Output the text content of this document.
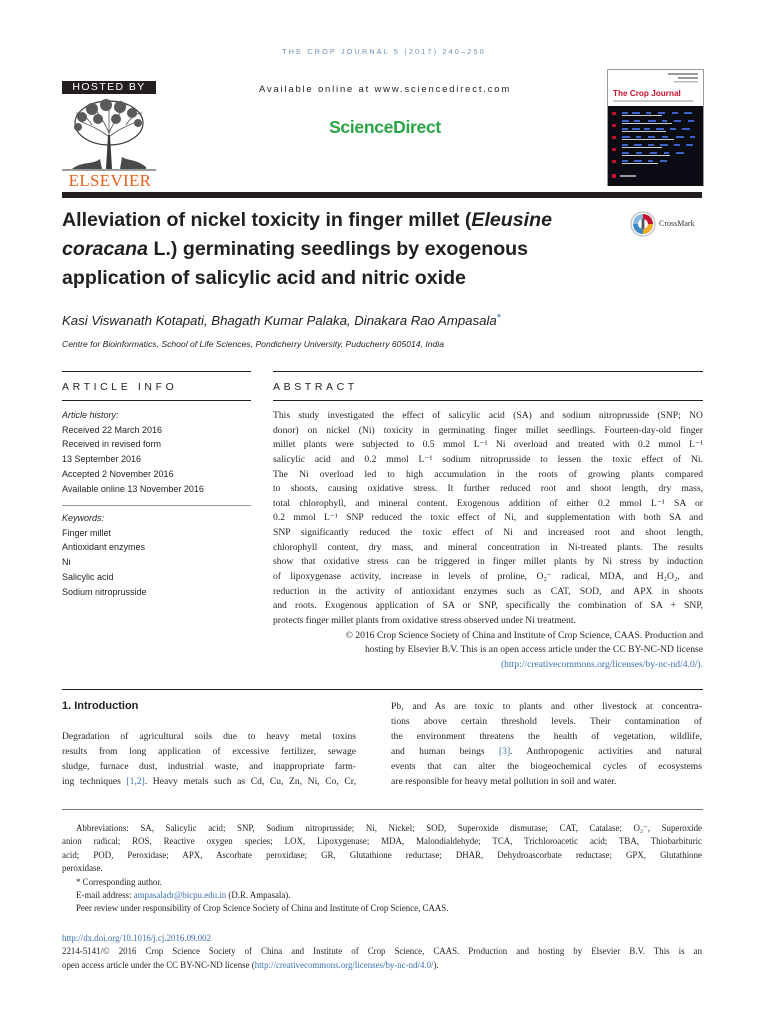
THE CROP JOURNAL 5 (2017) 240–250
HOSTED BY
ELSEVIER
Available online at www.sciencedirect.com
ScienceDirect
The Crop Journal
Alleviation of nickel toxicity in finger millet (Eleusine
coracana L.) germinating seedlings by exogenous
application of salicylic acid and nitric oxide
CrossMark
Kasi Viswanath Kotapati, Bhagath Kumar Palaka, Dinakara Rao Ampasala*
Centre for Bioinformatics, School of Life Sciences, Pondicherry University, Puducherry 605014, India
ARTICLE INFO	ABSTRACT
Article history:
Received 22 March 2016
Received in revised form
13 September 2016
Accepted 2 November 2016
Available online 13 November 2016
Keywords:
Finger millet
Antioxidant enzymes
Ni
Salicylic acid
Sodium nitroprusside
This study investigated the effect of salicylic acid (SA) and sodium nitroprusside (SNP; NO
donor) on nickel (Ni) toxicity in germinating finger millet seedlings. Fourteen-day-old finger
millet plants were subjected to 0.5 mmol L⁻¹ Ni overload and treated with 0.2 mmol L⁻¹
salicylic acid and 0.2 mmol L⁻¹ sodium nitroprusside to lessen the toxic effect of Ni.
The Ni overload led to high accumulation in the roots of growing plants compared
to shoots, causing oxidative stress. It further reduced root and shoot length, dry mass,
total chlorophyll, and mineral content. Exogenous addition of either 0.2 mmol L⁻¹ SA or
0.2 mmol L⁻¹ SNP reduced the toxic effect of Ni, and supplementation with both SA and
SNP significantly reduced the toxic effect of Ni and increased root and shoot length,
chlorophyll content, dry mass, and mineral concentration in Ni-treated plants. The results
show that oxidative stress can be triggered in finger millet plants by Ni stress by induction
of lipoxygenase activity, increase in levels of proline, O₂⁻ radical, MDA, and H₂O₂, and
reduction in the activity of antioxidant enzymes such as CAT, SOD, and APX in shoots
and roots. Exogenous application of SA or SNP, specifically the combination of SA + SNP,
protects finger millet plants from oxidative stress observed under Ni treatment.
© 2016 Crop Science Society of China and Institute of Crop Science, CAAS. Production and
hosting by Elsevier B.V. This is an open access article under the CC BY-NC-ND license
(http://creativecommons.org/licenses/by-nc-nd/4.0/).
1. Introduction
Degradation of agricultural soils due to heavy metal toxins
results from long application of excessive fertilizer, sewage
sludge, furnace dust, industrial waste, and inappropriate farm-
ing techniques [1,2]. Heavy metals such as Cd, Cu, Zn, Ni, Co, Cr,
Pb, and As are toxic to plants and other livestock at concentra-
tions above certain threshold levels. Their contamination of
the environment threatens the health of vegetation, wildlife,
and human beings [3]. Anthropogenic activities and natural
events that can alter the biogeochemical cycles of ecosystems
are responsible for heavy metal pollution in soil and water.
Abbreviations: SA, Salicylic acid; SNP, Sodium nitroprusside; Ni, Nickel; SOD, Superoxide dismutase; CAT, Catalase; O₂⁻, Superoxide
anion radical; ROS, Reactive oxygen species; LOX, Lipoxygenase; MDA, Malondialdehyde; TCA, Trichloroacetic acid; TBA, Thiobarbituric
acid; POD, Peroxidase; APX, Ascorbate peroxidase; GR, Glutathione reductase; DHAR, Dehydroascorbate reductase; GPX, Glutathione
peroxidase.
* Corresponding author.
E-mail address: ampasaladr@bicpu.edu.in (D.R. Ampasala).
Peer review under responsibility of Crop Science Society of China and Institute of Crop Science, CAAS.
http://dx.doi.org/10.1016/j.cj.2016.09.002
2214-5141/© 2016 Crop Science Society of China and Institute of Crop Science, CAAS. Production and hosting by Elsevier B.V. This is an
open access article under the CC BY-NC-ND license (http://creativecommons.org/licenses/by-nc-nd/4.0/).
